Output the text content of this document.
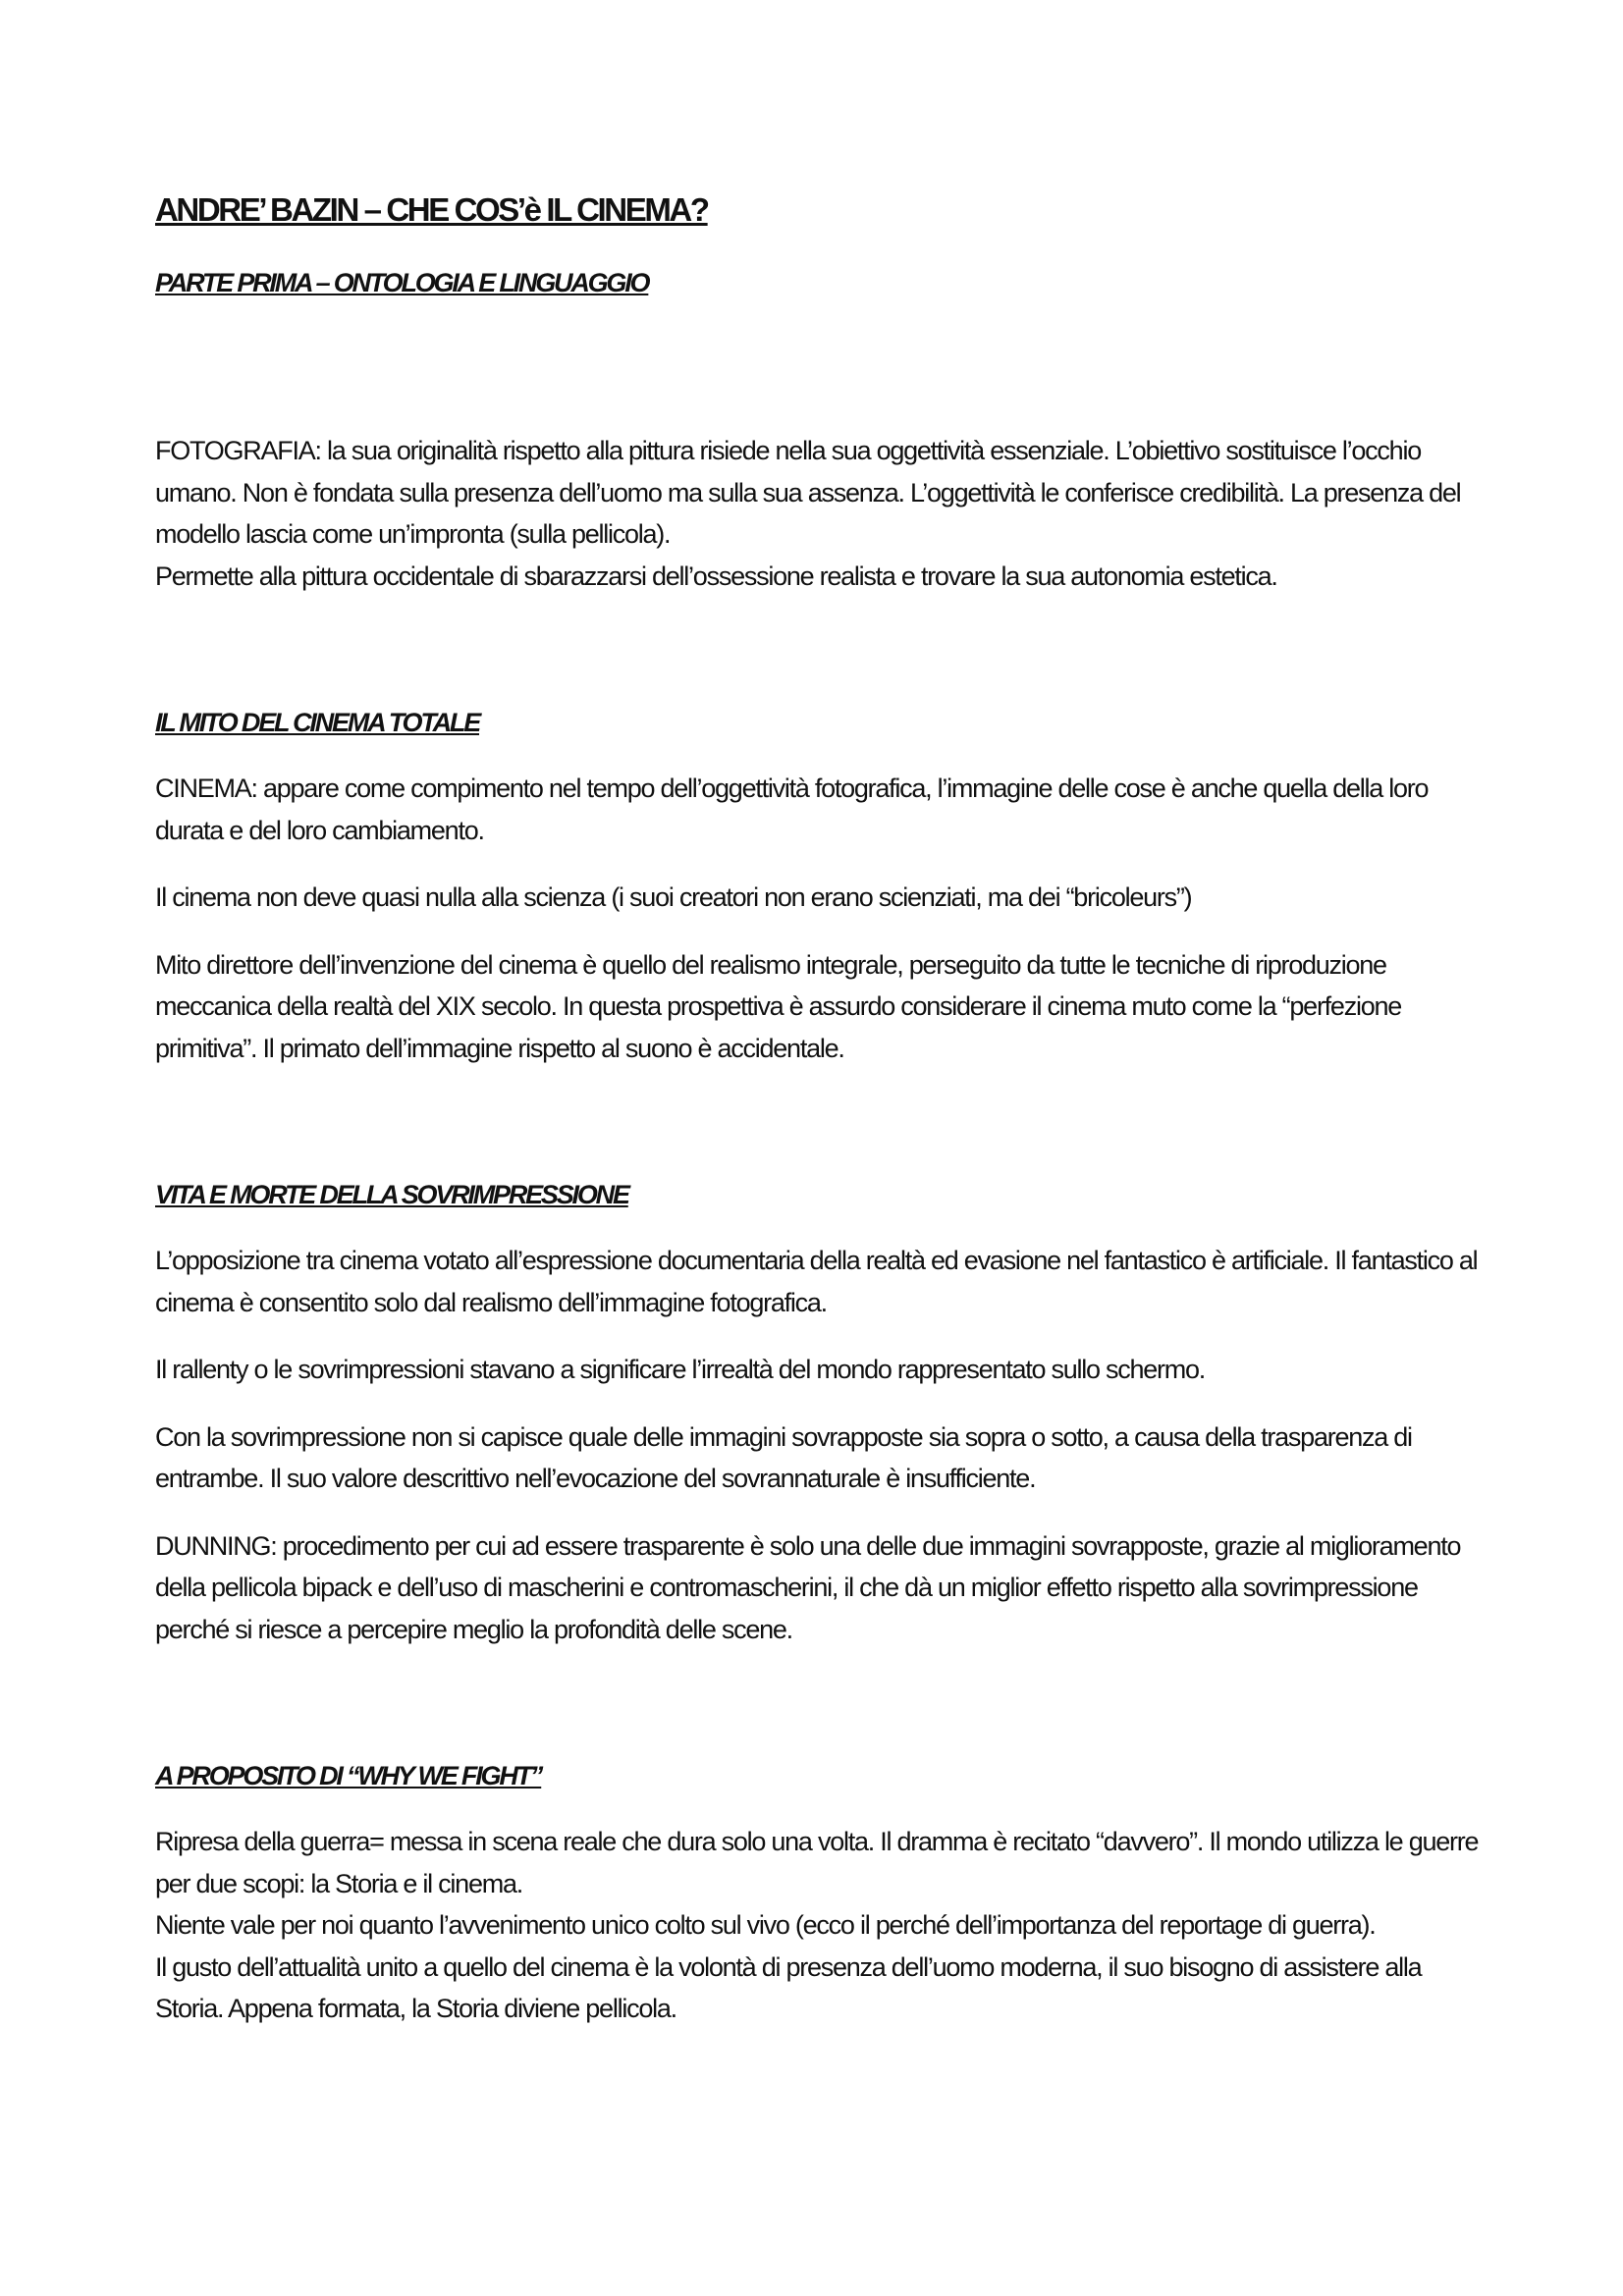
ANDRE’ BAZIN – CHE COS’è IL CINEMA?
PARTE PRIMA – ONTOLOGIA E LINGUAGGIO

FOTOGRAFIA: la sua originalità rispetto alla pittura risiede nella sua oggettività essenziale. L’obiettivo sostituisce l’occhio umano. Non è fondata sulla presenza dell’uomo ma sulla sua assenza. L’oggettività le conferisce credibilità. La presenza del modello lascia come un’impronta (sulla pellicola).
Permette alla pittura occidentale di sbarazzarsi dell’ossessione realista e trovare la sua autonomia estetica.

IL MITO DEL CINEMA TOTALE

CINEMA: appare come compimento nel tempo dell’oggettività fotografica, l’immagine delle cose è anche quella della loro durata e del loro cambiamento.

Il cinema non deve quasi nulla alla scienza (i suoi creatori non erano scienziati, ma dei “bricoleurs”)

Mito direttore dell’invenzione del cinema è quello del realismo integrale, perseguito da tutte le tecniche di riproduzione meccanica della realtà del XIX secolo. In questa prospettiva è assurdo considerare il cinema muto come la “perfezione primitiva”. Il primato dell’immagine rispetto al suono è accidentale.

VITA E MORTE DELLA SOVRIMPRESSIONE

L’opposizione tra cinema votato all’espressione documentaria della realtà ed evasione nel fantastico è artificiale. Il fantastico al cinema è consentito solo dal realismo dell’immagine fotografica.

Il rallenty o le sovrimpressioni stavano a significare l’irrealtà del mondo rappresentato sullo schermo.

Con la sovrimpressione non si capisce quale delle immagini sovrapposte sia sopra o sotto, a causa della trasparenza di entrambe. Il suo valore descrittivo nell’evocazione del sovrannaturale è insufficiente.

DUNNING: procedimento per cui ad essere trasparente è solo una delle due immagini sovrapposte, grazie al miglioramento della pellicola bipack e dell’uso di mascherini e contromascherini, il che dà un miglior effetto rispetto alla sovrimpressione perché si riesce a percepire meglio la profondità delle scene.

A PROPOSITO DI “WHY WE FIGHT”

Ripresa della guerra= messa in scena reale che dura solo una volta. Il dramma è recitato “davvero”. Il mondo utilizza le guerre per due scopi: la Storia e il cinema.
Niente vale per noi quanto l’avvenimento unico colto sul vivo (ecco il perché dell’importanza del reportage di guerra).
Il gusto dell’attualità unito a quello del cinema è la volontà di presenza dell’uomo moderna, il suo bisogno di assistere alla Storia. Appena formata, la Storia diviene pellicola.
